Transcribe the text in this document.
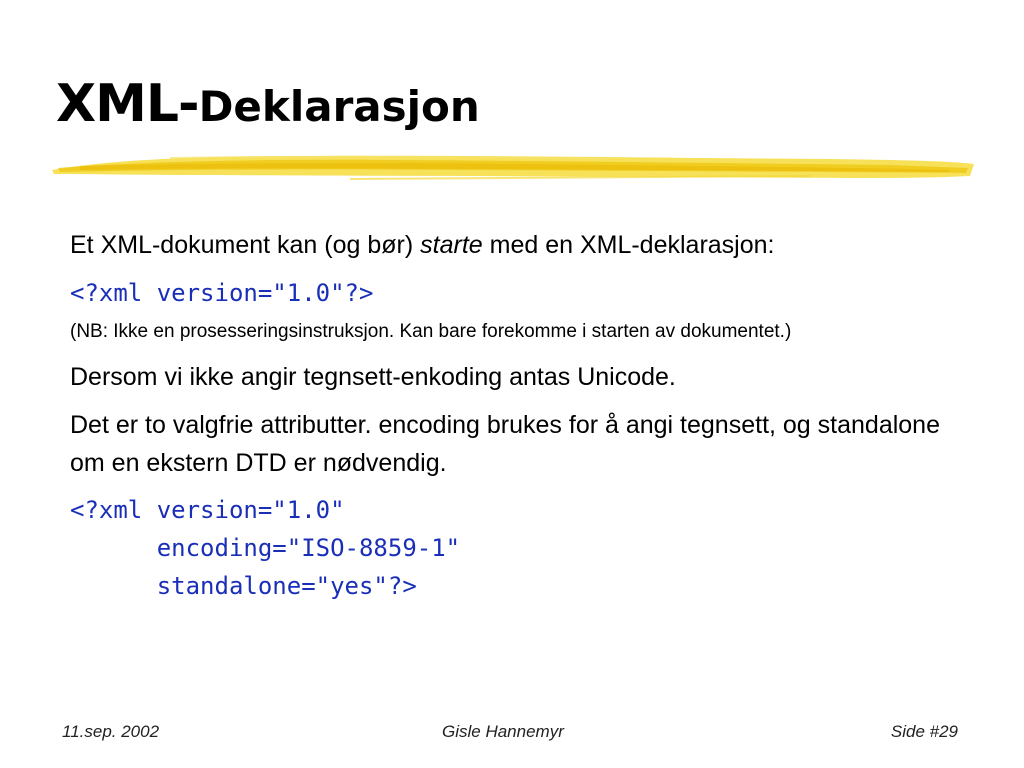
XML-Deklarasjon

Et XML-dokument kan (og bør) starte med en XML-deklarasjon:

<?xml version="1.0"?>

(NB: Ikke en prosesseringsinstruksjon. Kan bare forekomme i starten av dokumentet.)

Dersom vi ikke angir tegnsett-enkoding antas Unicode.

Det er to valgfrie attributter. encoding brukes for å angi tegnsett, og standalone om en ekstern DTD er nødvendig.

<?xml version="1.0"
encoding="ISO-8859-1"
standalone="yes"?>

11.sep. 2002	Gisle Hannemyr	Side #29
